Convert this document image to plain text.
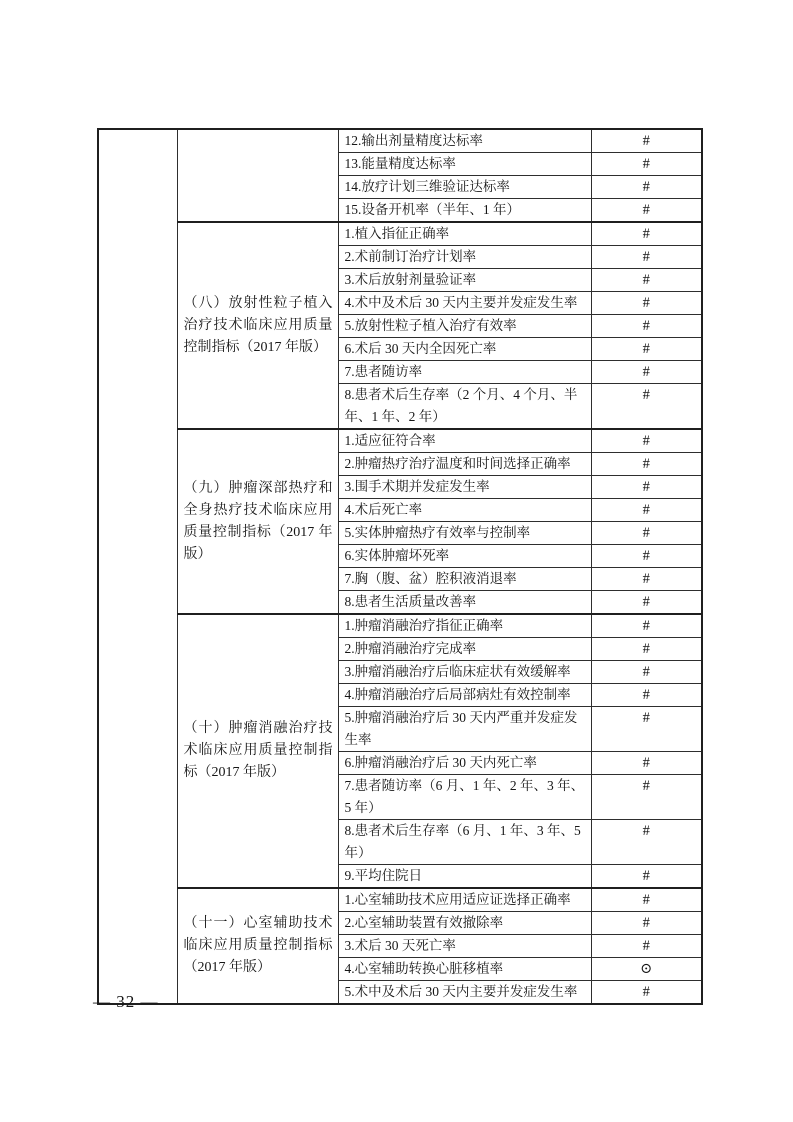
		12.输出剂量精度达标率	#
		13.能量精度达标率	#
		14.放疗计划三维验证达标率	#
		15.设备开机率（半年、1 年）	#
	（八）放射性粒子植入治疗技术临床应用质量控制指标（2017 年版）	1.植入指征正确率	#
		2.术前制订治疗计划率	#
		3.术后放射剂量验证率	#
		4.术中及术后 30 天内主要并发症发生率	#
		5.放射性粒子植入治疗有效率	#
		6.术后 30 天内全因死亡率	#
		7.患者随访率	#
		8.患者术后生存率（2 个月、4 个月、半年、1 年、2 年）	#
	（九）肿瘤深部热疗和全身热疗技术临床应用质量控制指标（2017 年版）	1.适应征符合率	#
		2.肿瘤热疗治疗温度和时间选择正确率	#
		3.围手术期并发症发生率	#
		4.术后死亡率	#
		5.实体肿瘤热疗有效率与控制率	#
		6.实体肿瘤坏死率	#
		7.胸（腹、盆）腔积液消退率	#
		8.患者生活质量改善率	#
	（十）肿瘤消融治疗技术临床应用质量控制指标（2017 年版）	1.肿瘤消融治疗指征正确率	#
		2.肿瘤消融治疗完成率	#
		3.肿瘤消融治疗后临床症状有效缓解率	#
		4.肿瘤消融治疗后局部病灶有效控制率	#
		5.肿瘤消融治疗后 30 天内严重并发症发生率	#
		6.肿瘤消融治疗后 30 天内死亡率	#
		7.患者随访率（6 月、1 年、2 年、3 年、5 年）	#
		8.患者术后生存率（6 月、1 年、3 年、5 年）	#
		9.平均住院日	#
	（十一）心室辅助技术临床应用质量控制指标（2017 年版）	1.心室辅助技术应用适应证选择正确率	#
		2.心室辅助装置有效撤除率	#
		3.术后 30 天死亡率	#
		4.心室辅助转换心脏移植率	⊙
		5.术中及术后 30 天内主要并发症发生率	#
— 32 —
